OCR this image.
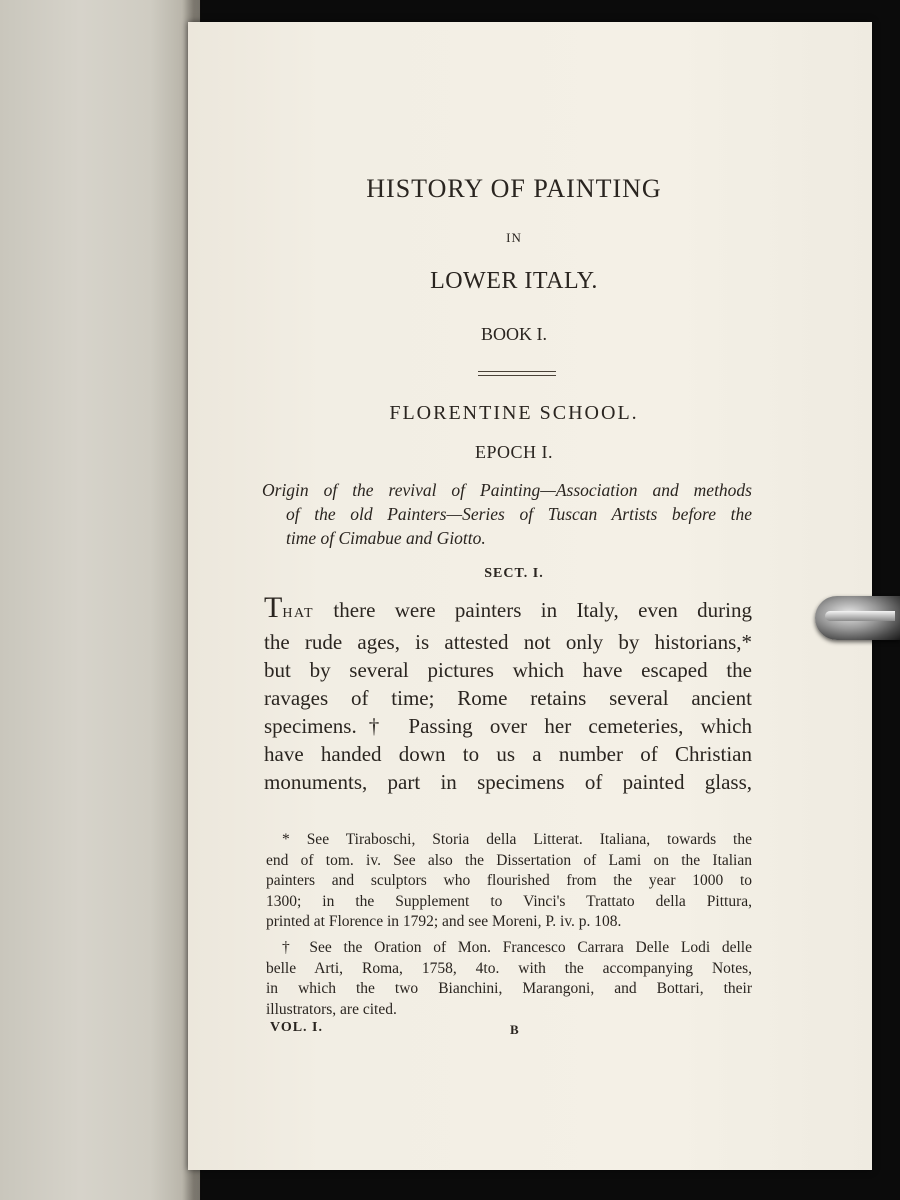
HISTORY OF PAINTING
IN
LOWER ITALY.
BOOK I.
FLORENTINE SCHOOL.
EPOCH I.
Origin of the revival of Painting—Association and methods
of the old Painters—Series of Tuscan Artists before the
time of Cimabue and Giotto.
SECT. I.
THAT there were painters in Italy, even during
the rude ages, is attested not only by historians,*
but by several pictures which have escaped the
ravages of time; Rome retains several ancient
specimens.† Passing over her cemeteries, which
have handed down to us a number of Christian
monuments, part in specimens of painted glass,
* See Tiraboschi, Storia della Litterat. Italiana, towards the
end of tom. iv. See also the Dissertation of Lami on the Italian
painters and sculptors who flourished from the year 1000 to
1300; in the Supplement to Vinci's Trattato della Pittura,
printed at Florence in 1792; and see Moreni, P. iv. p. 108.
† See the Oration of Mon. Francesco Carrara Delle Lodi delle
belle Arti, Roma, 1758, 4to. with the accompanying Notes,
in which the two Bianchini, Marangoni, and Bottari, their
illustrators, are cited.
VOL. I.	B
